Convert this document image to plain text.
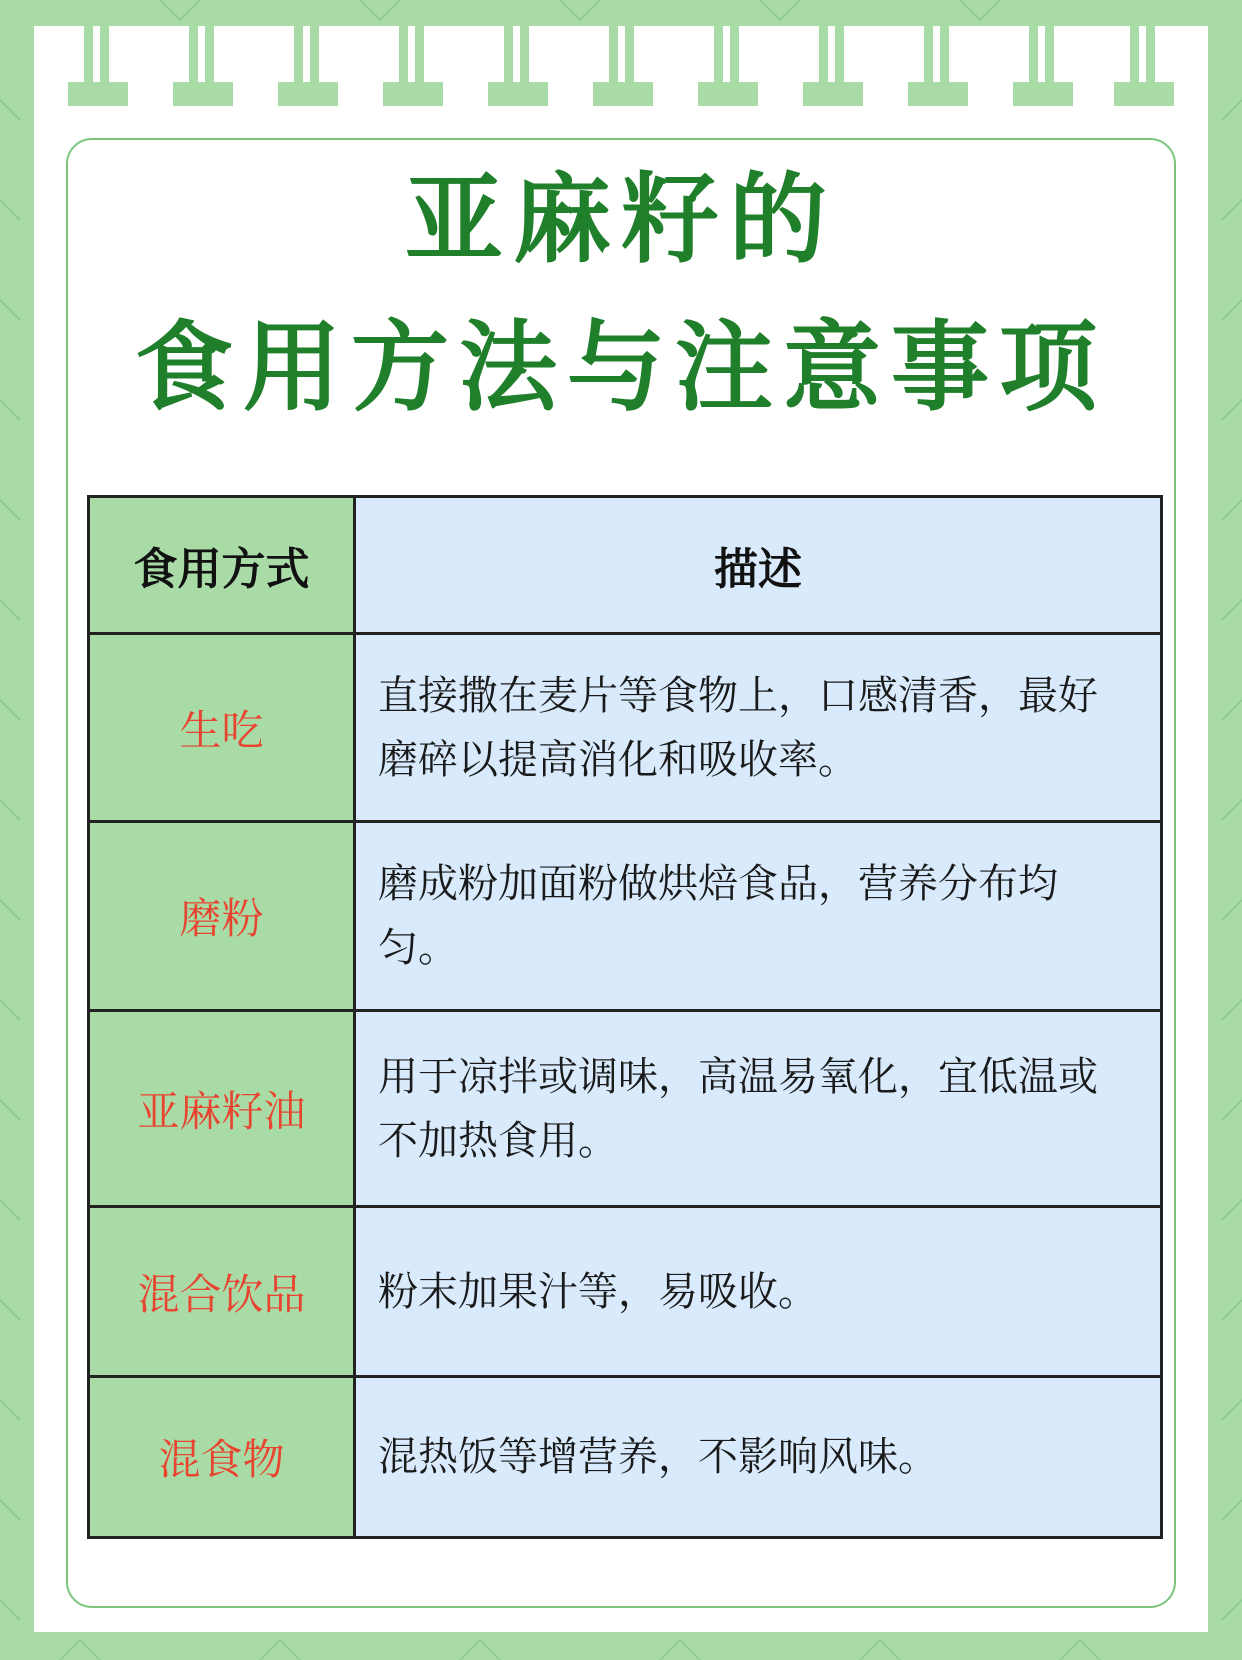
亚麻籽的
食用方法与注意事项
食用方式	描述
生吃	直接撒在麦片等食物上，口感清香，最好磨碎以提高消化和吸收率。
磨粉	磨成粉加面粉做烘焙食品，营养分布均匀。
亚麻籽油	用于凉拌或调味，高温易氧化，宜低温或不加热食用。
混合饮品	粉末加果汁等，易吸收。
混食物	混热饭等增营养，不影响风味。
